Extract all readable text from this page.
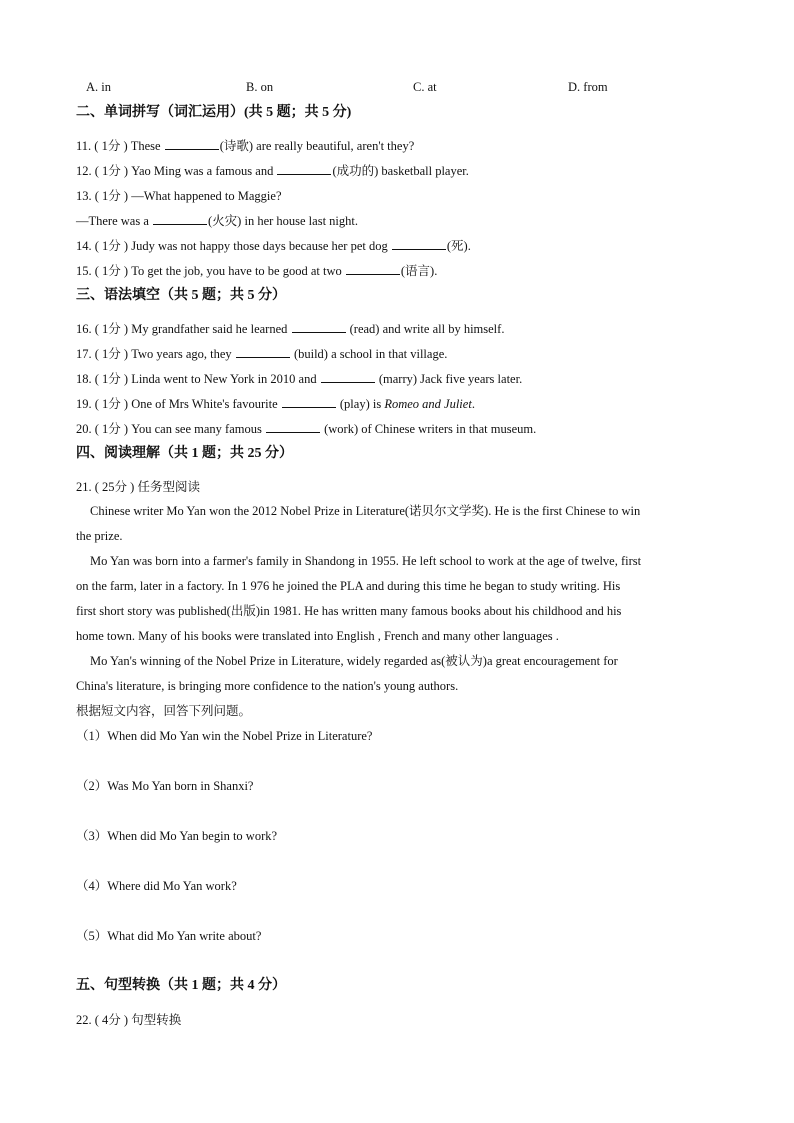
A. in	B. on	C. at	D. from
二、单词拼写（词汇运用）(共 5 题；共 5 分)
11. ( 1分 ) These	(诗歌) are really beautiful, aren't they?
12. ( 1分 ) Yao Ming was a famous and	(成功的) basketball player.
13. ( 1分 ) —What happened to Maggie?
—There was a	(火灾) in her house last night.
14. ( 1分 ) Judy was not happy those days because her pet dog	(死).
15. ( 1分 ) To get the job, you have to be good at two	(语言).
三、语法填空（共 5 题；共 5 分）
16. ( 1分 ) My grandfather said he learned	(read) and write all by himself.
17. ( 1分 ) Two years ago, they	(build) a school in that village.
18. ( 1分 ) Linda went to New York in 2010 and	(marry) Jack five years later.
19. ( 1分 ) One of Mrs White's favourite	(play) is Romeo and Juliet.
20. ( 1分 ) You can see many famous	(work) of Chinese writers in that museum.
四、阅读理解（共 1 题；共 25 分）
21. ( 25分 ) 任务型阅读
Chinese writer Mo Yan won the 2012 Nobel Prize in Literature(诺贝尔文学奖). He is the first Chinese to win
the prize.
Mo Yan was born into a farmer's family in Shandong in 1955. He left school to work at the age of twelve, first
on the farm, later in a factory. In 1 976 he joined the PLA and during this time he began to study writing. His
first short story was published(出版)in 1981. He has written many famous books about his childhood and his
home town. Many of his books were translated into English , French and many other languages .
Mo Yan's winning of the Nobel Prize in Literature, widely regarded as(被认为)a great encouragement for
China's literature, is bringing more confidence to the nation's young authors.
根据短文内容，回答下列问题。
（1）When did Mo Yan win the Nobel Prize in Literature?
（2）Was Mo Yan born in Shanxi?
（3）When did Mo Yan begin to work?
（4）Where did Mo Yan work?
（5）What did Mo Yan write about?
五、句型转换（共 1 题；共 4 分）
22. ( 4分 ) 句型转换
